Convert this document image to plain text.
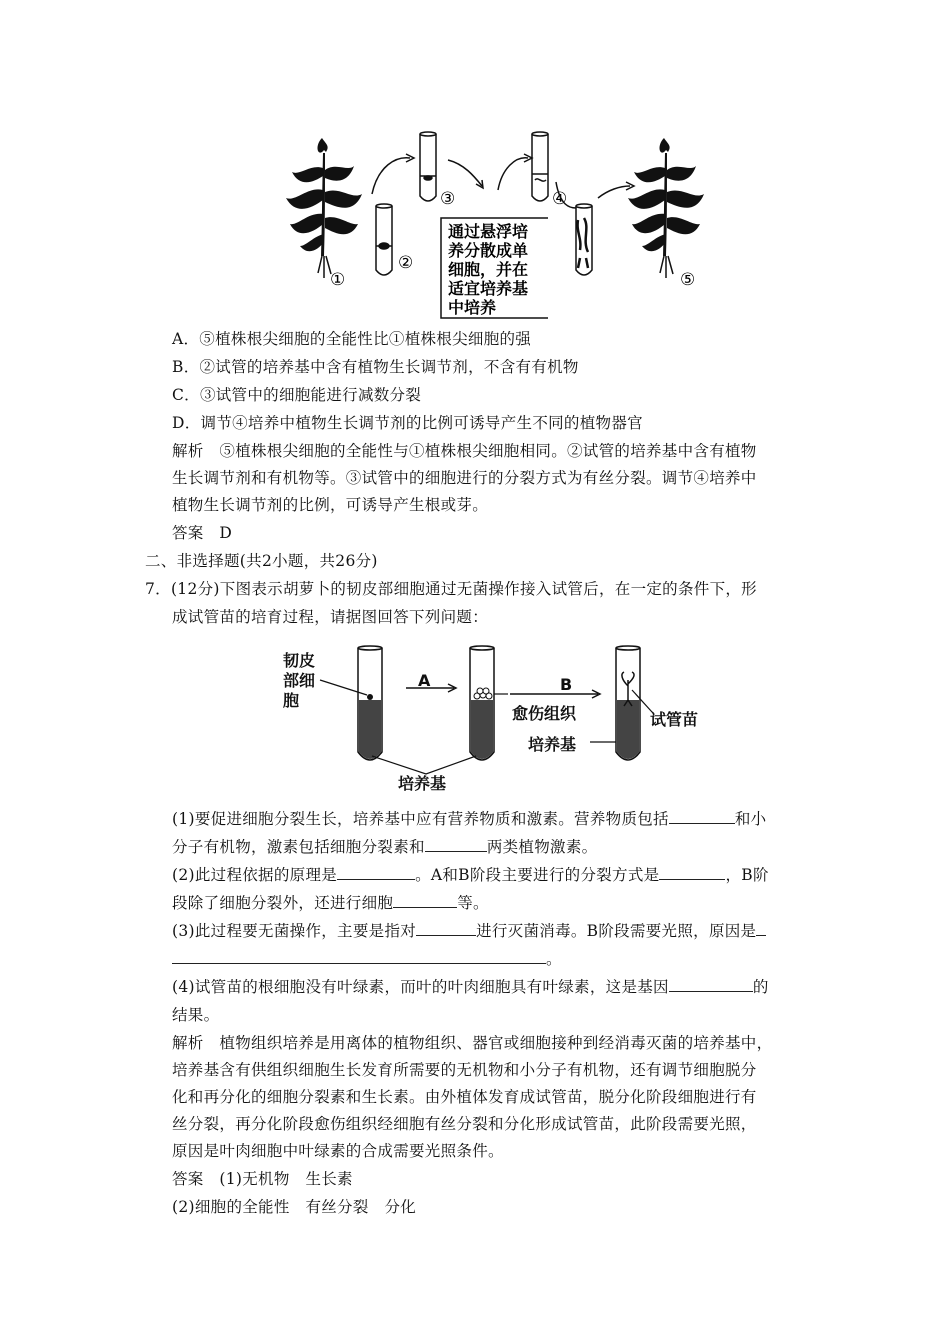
①
②
③
通过悬浮培
养分散成单
细胞，并在
适宜培养基
中培养
④
⑤
A．⑤植株根尖细胞的全能性比①植株根尖细胞的强
B．②试管的培养基中含有植物生长调节剂，不含有有机物
C．③试管中的细胞能进行减数分裂
D．调节④培养中植物生长调节剂的比例可诱导产生不同的植物器官
解析　⑤植株根尖细胞的全能性与①植株根尖细胞相同。②试管的培养基中含有植物
生长调节剂和有机物等。③试管中的细胞进行的分裂方式为有丝分裂。调节④培养中
植物生长调节剂的比例，可诱导产生根或芽。
答案　D
二、非选择题(共2小题，共26分)
7．(12分)下图表示胡萝卜的韧皮部细胞通过无菌操作接入试管后，在一定的条件下，形
成试管苗的培育过程，请据图回答下列问题：
韧皮
部细
胞
A	B
愈伤组织	试管苗
培养基
培养基
(1)要促进细胞分裂生长，培养基中应有营养物质和激素。营养物质包括	和小
分子有机物，激素包括细胞分裂素和	两类植物激素。
(2)此过程依据的原理是	。A和B阶段主要进行的分裂方式是	，B阶
段除了细胞分裂外，还进行细胞	等。
(3)此过程要无菌操作，主要是指对	进行灭菌消毒。B阶段需要光照，原因是
。
(4)试管苗的根细胞没有叶绿素，而叶的叶肉细胞具有叶绿素，这是基因	的
结果。
解析　植物组织培养是用离体的植物组织、器官或细胞接种到经消毒灭菌的培养基中，
培养基含有供组织细胞生长发育所需要的无机物和小分子有机物，还有调节细胞脱分
化和再分化的细胞分裂素和生长素。由外植体发育成试管苗，脱分化阶段细胞进行有
丝分裂，再分化阶段愈伤组织经细胞有丝分裂和分化形成试管苗，此阶段需要光照，
原因是叶肉细胞中叶绿素的合成需要光照条件。
答案　(1)无机物　生长素
(2)细胞的全能性　有丝分裂　分化
